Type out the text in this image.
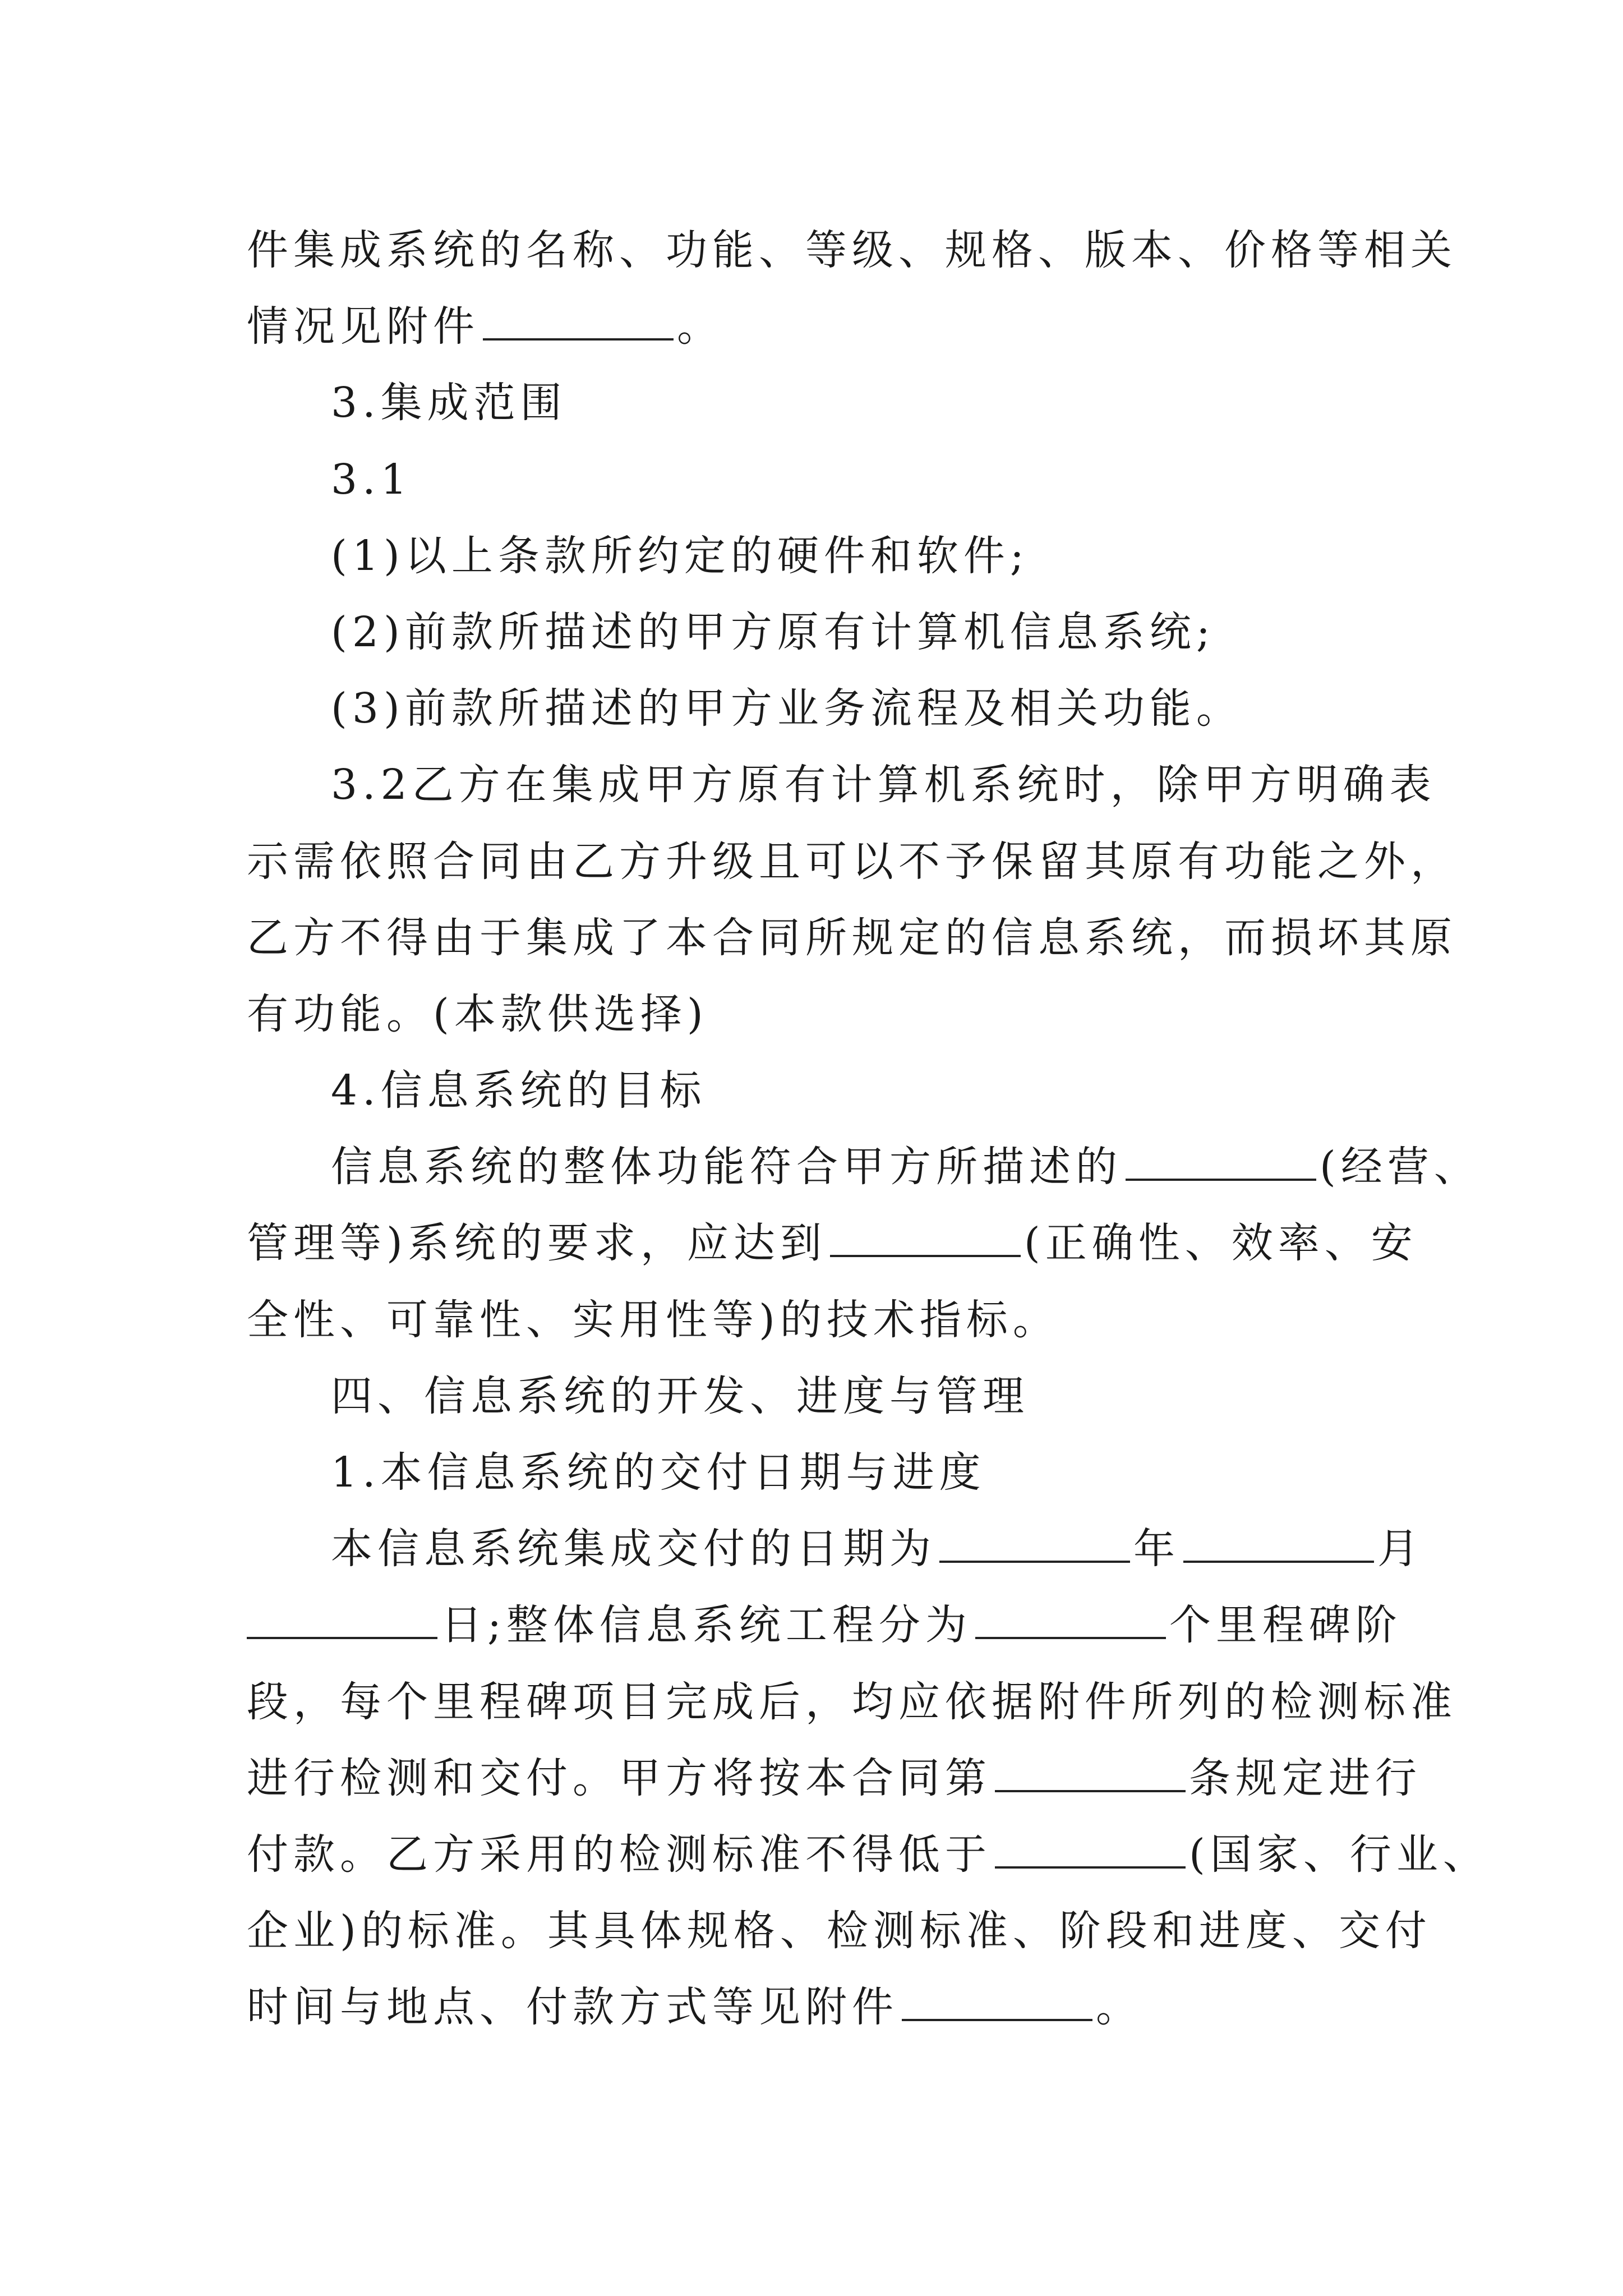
件集成系统的名称、功能、等级、规格、版本、价格等相关
情况见附件	。
3.集成范围
3.1
(1)以上条款所约定的硬件和软件;
(2)前款所描述的甲方原有计算机信息系统;
(3)前款所描述的甲方业务流程及相关功能。
3.2乙方在集成甲方原有计算机系统时，除甲方明确表
示需依照合同由乙方升级且可以不予保留其原有功能之外，
乙方不得由于集成了本合同所规定的信息系统，而损坏其原
有功能。(本款供选择)
4.信息系统的目标
信息系统的整体功能符合甲方所描述的	(经营、
管理等)系统的要求，应达到	(正确性、效率、安
全性、可靠性、实用性等)的技术指标。
四、信息系统的开发、进度与管理
1.本信息系统的交付日期与进度
本信息系统集成交付的日期为	年	月
日;整体信息系统工程分为	个里程碑阶
段，每个里程碑项目完成后，均应依据附件所列的检测标准
进行检测和交付。甲方将按本合同第	条规定进行
付款。乙方采用的检测标准不得低于	(国家、行业、
企业)的标准。其具体规格、检测标准、阶段和进度、交付
时间与地点、付款方式等见附件	。
